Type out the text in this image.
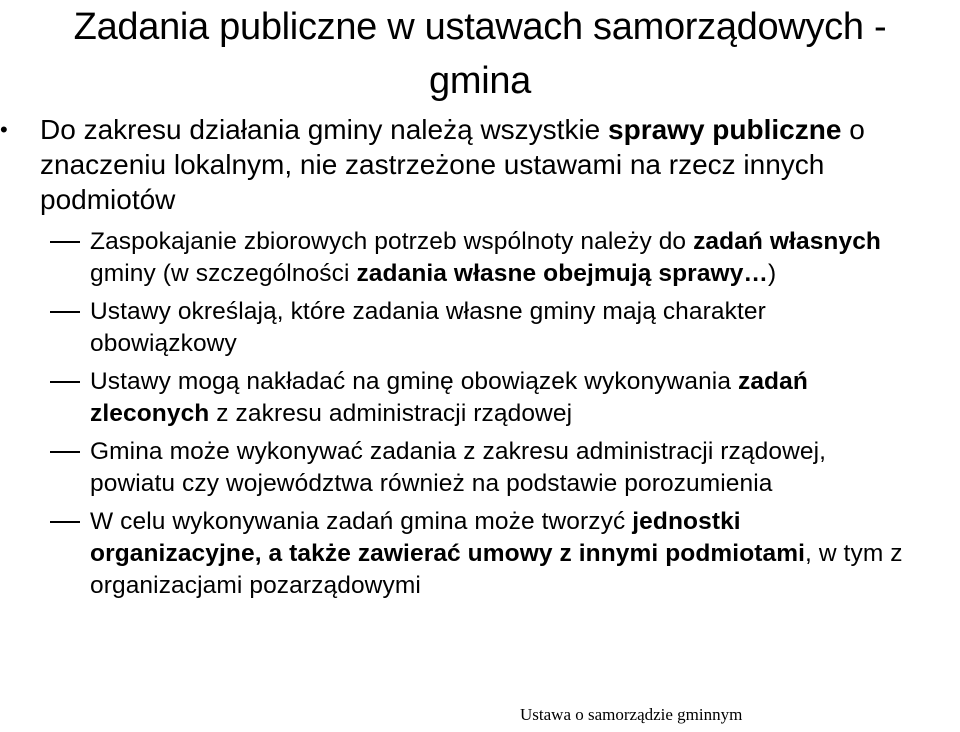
Zadania publiczne w ustawach samorządowych -
gmina
• Do zakresu działania gminy należą wszystkie sprawy publiczne o znaczeniu lokalnym, nie zastrzeżone ustawami na rzecz innych podmiotów
Zaspokajanie zbiorowych potrzeb wspólnoty należy do zadań własnych gminy (w szczególności zadania własne obejmują sprawy…)
Ustawy określają, które zadania własne gminy mają charakter obowiązkowy
Ustawy mogą nakładać na gminę obowiązek wykonywania zadań zleconych z zakresu administracji rządowej
Gmina może wykonywać zadania z zakresu administracji rządowej, powiatu czy województwa również na podstawie porozumienia
W celu wykonywania zadań gmina może tworzyć jednostki organizacyjne, a także zawierać umowy z innymi podmiotami, w tym z organizacjami pozarządowymi
Ustawa o samorządzie gminnym
